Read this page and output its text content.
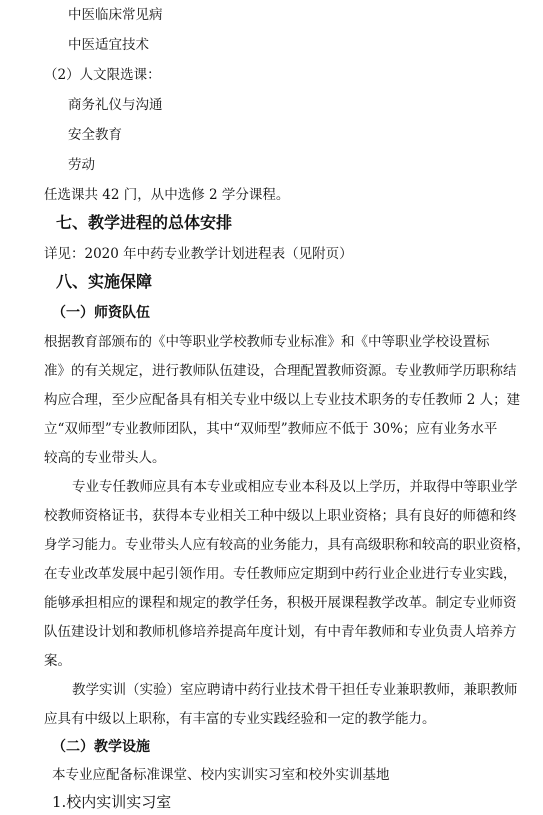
中医临床常见病
中医适宜技术
（2）人文限选课：
商务礼仪与沟通
安全教育
劳动
任选课共 42 门，从中选修 2 学分课程。
七、教学进程的总体安排
详见：2020 年中药专业教学计划进程表（见附页）
八、实施保障
（一）师资队伍
根据教育部颁布的《中等职业学校教师专业标准》和《中等职业学校设置标
准》的有关规定，进行教师队伍建设，合理配置教师资源。专业教师学历职称结
构应合理，至少应配备具有相关专业中级以上专业技术职务的专任教师 2 人；建
立“双师型”专业教师团队，其中“双师型”教师应不低于 30%；应有业务水平
较高的专业带头人。
专业专任教师应具有本专业或相应专业本科及以上学历，并取得中等职业学
校教师资格证书，获得本专业相关工种中级以上职业资格；具有良好的师德和终
身学习能力。专业带头人应有较高的业务能力，具有高级职称和较高的职业资格，
在专业改革发展中起引领作用。专任教师应定期到中药行业企业进行专业实践，
能够承担相应的课程和规定的教学任务，积极开展课程教学改革。制定专业师资
队伍建设计划和教师机修培养提高年度计划，有中青年教师和专业负责人培养方
案。
教学实训（实验）室应聘请中药行业技术骨干担任专业兼职教师，兼职教师
应具有中级以上职称，有丰富的专业实践经验和一定的教学能力。
（二）教学设施
本专业应配备标准课堂、校内实训实习室和校外实训基地
1.校内实训实习室
